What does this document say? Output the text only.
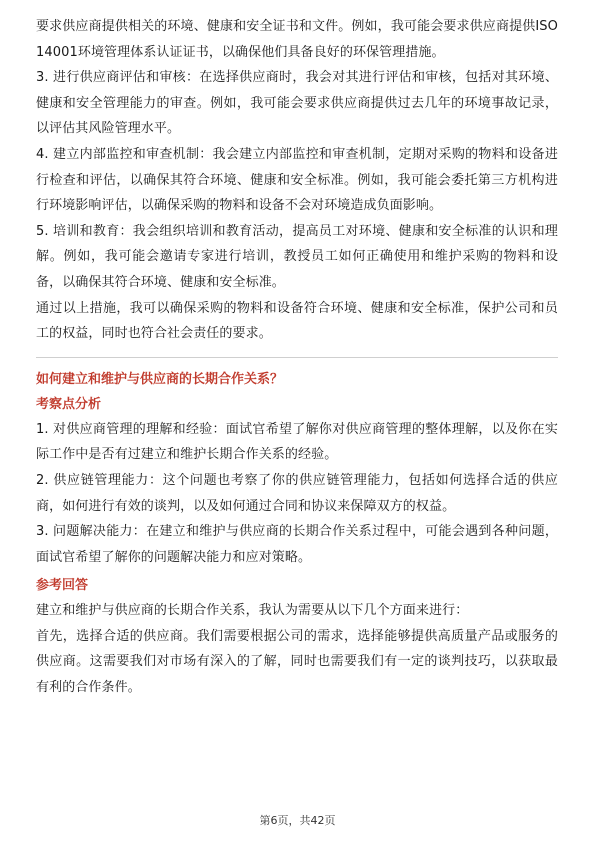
要求供应商提供相关的环境、健康和安全证书和文件。例如，我可能会要求供应商提供ISO 14001环境管理体系认证证书，以确保他们具备良好的环保管理措施。

3. 进行供应商评估和审核：在选择供应商时，我会对其进行评估和审核，包括对其环境、健康和安全管理能力的审查。例如，我可能会要求供应商提供过去几年的环境事故记录，以评估其风险管理水平。

4. 建立内部监控和审查机制：我会建立内部监控和审查机制，定期对采购的物料和设备进行检查和评估，以确保其符合环境、健康和安全标准。例如，我可能会委托第三方机构进行环境影响评估，以确保采购的物料和设备不会对环境造成负面影响。

5. 培训和教育：我会组织培训和教育活动，提高员工对环境、健康和安全标准的认识和理解。例如，我可能会邀请专家进行培训，教授员工如何正确使用和维护采购的物料和设备，以确保其符合环境、健康和安全标准。

通过以上措施，我可以确保采购的物料和设备符合环境、健康和安全标准，保护公司和员工的权益，同时也符合社会责任的要求。

如何建立和维护与供应商的长期合作关系？

考察点分析

1. 对供应商管理的理解和经验：面试官希望了解你对供应商管理的整体理解，以及你在实际工作中是否有过建立和维护长期合作关系的经验。

2. 供应链管理能力：这个问题也考察了你的供应链管理能力，包括如何选择合适的供应商，如何进行有效的谈判，以及如何通过合同和协议来保障双方的权益。

3. 问题解决能力：在建立和维护与供应商的长期合作关系过程中，可能会遇到各种问题，面试官希望了解你的问题解决能力和应对策略。

参考回答

建立和维护与供应商的长期合作关系，我认为需要从以下几个方面来进行：

首先，选择合适的供应商。我们需要根据公司的需求，选择能够提供高质量产品或服务的供应商。这需要我们对市场有深入的了解，同时也需要我们有一定的谈判技巧，以获取最有利的合作条件。

第6页，共42页
